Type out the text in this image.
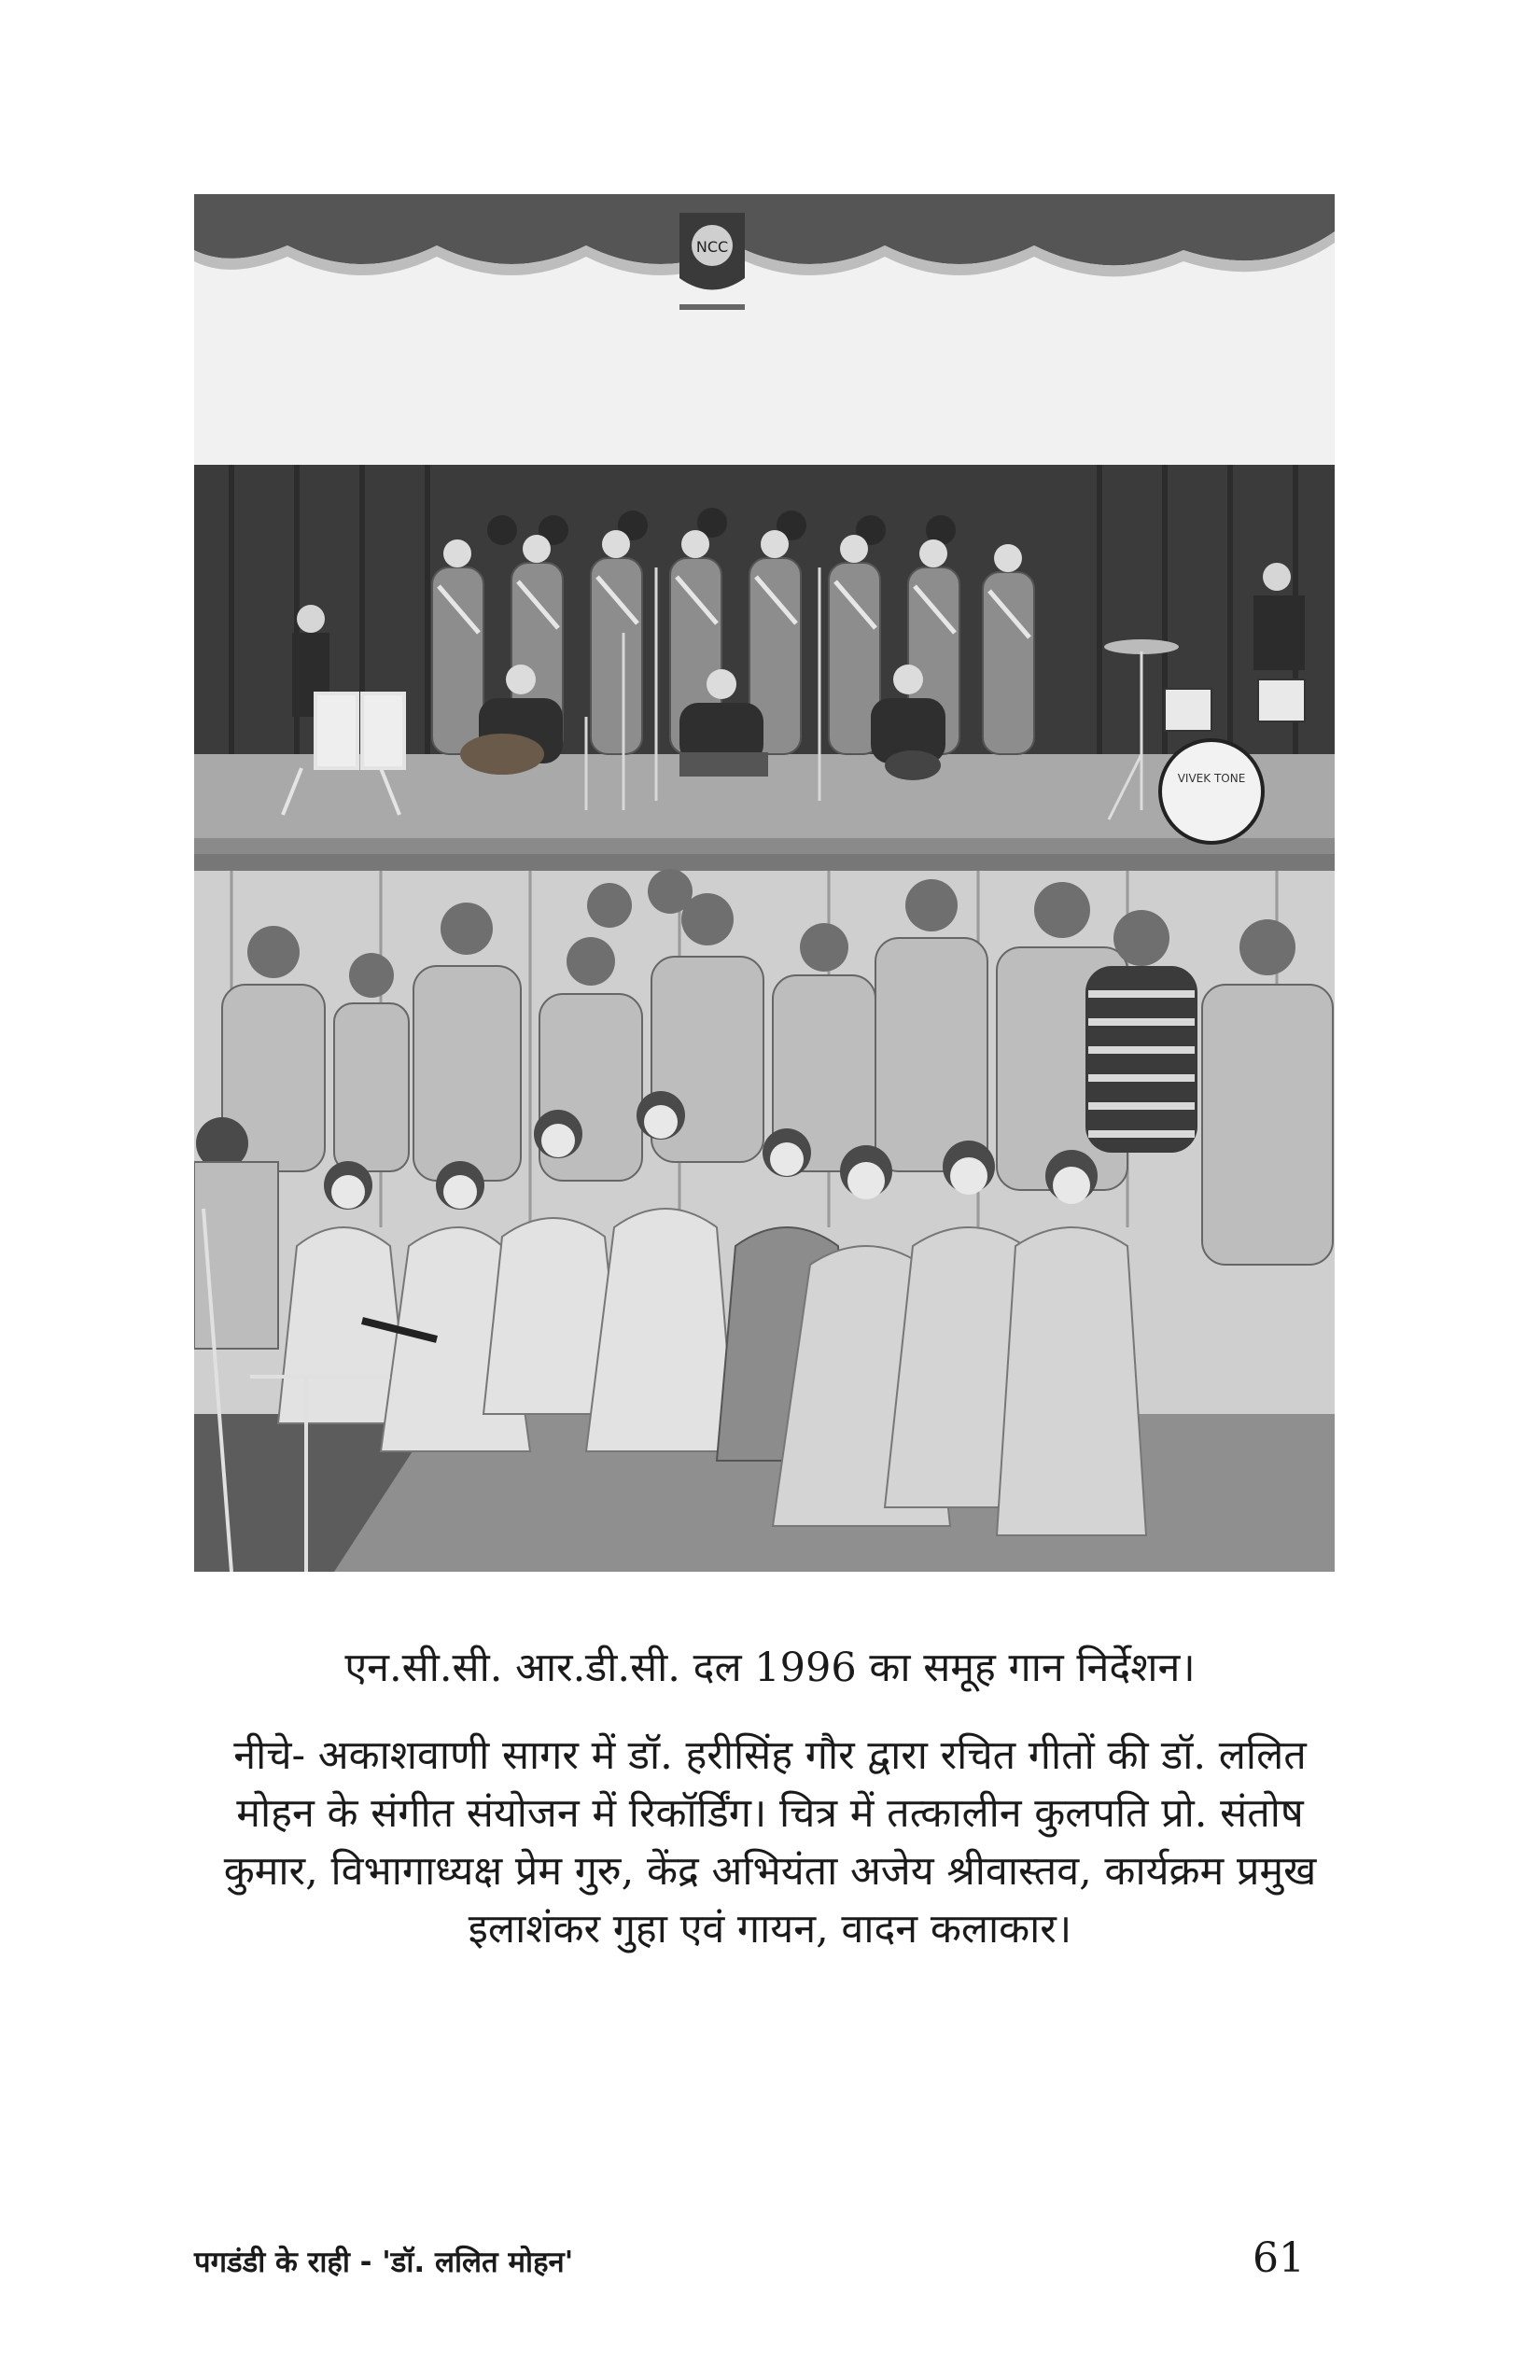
NCC
VIVEK TONE
एन.सी.सी. आर.डी.सी. दल 1996 का समूह गान निर्देशन।
नीचे- अकाशवाणी सागर में डॉ. हरीसिंह गौर द्वारा रचित गीतों की डॉ. ललित
मोहन के संगीत संयोजन में रिकॉर्डिंग। चित्र में तत्कालीन कुलपति प्रो. संतोष
कुमार, विभागाध्यक्ष प्रेम गुरु, केंद्र अभियंता अजेय श्रीवास्तव, कार्यक्रम प्रमुख
इलाशंकर गुहा एवं गायन, वादन कलाकार।
पगडंडी के राही - 'डॉ. ललित मोहन'	61
